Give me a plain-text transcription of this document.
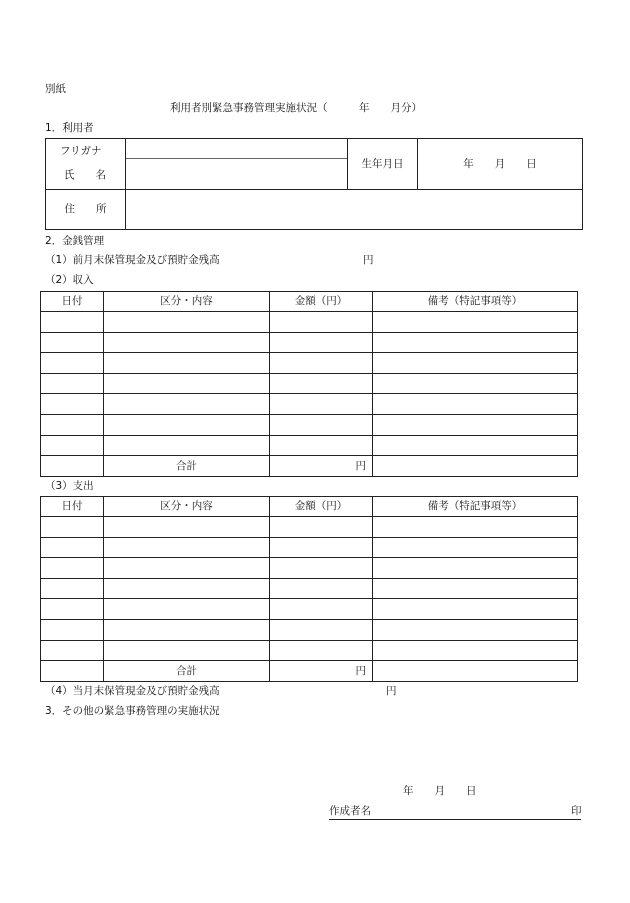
別紙
利用者別緊急事務管理実施状況（　　　年　　月分）
1．利用者
フリガナ
氏　　名		生年月日	年　　月　　日
住　　所			
2．金銭管理
（1）前月末保管現金及び預貯金残高	円
（2）収入
日付	区分・内容	金額（円）	備考（特記事項等）

	合計	円	
（3）支出
日付	区分・内容	金額（円）	備考（特記事項等）

	合計	円	
（4）当月末保管現金及び預貯金残高	円
3．その他の緊急事務管理の実施状況
年　　月　　日
作成者名	印
